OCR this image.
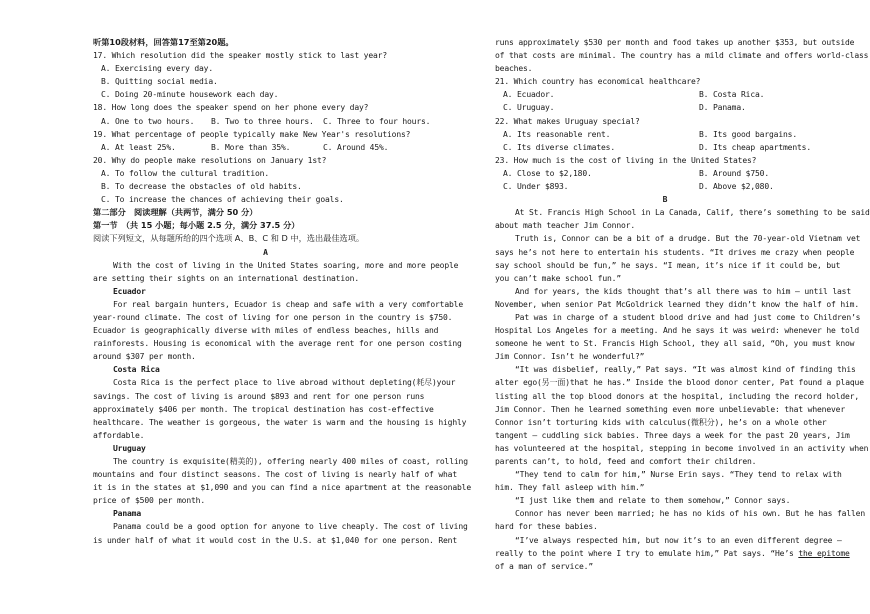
听第10段材料，回答第17至第20题。
17. Which resolution did the speaker mostly stick to last year?
A. Exercising every day.
B. Quitting social media.
C. Doing 20-minute housework each day.
18. How long does the speaker spend on her phone every day?
A. One to two hours.	B. Two to three hours.	C. Three to four hours.
19. What percentage of people typically make New Year's resolutions?
A. At least 25%.	B. More than 35%.	C. Around 45%.
20. Why do people make resolutions on January 1st?
A. To follow the cultural tradition.
B. To decrease the obstacles of old habits.
C. To increase the chances of achieving their goals.
第二部分　阅读理解（共两节，满分 50 分）
第一节　（共 15 小题；每小题 2.5 分，满分 37.5 分）
阅读下列短文，从每题所给的四个选项 A、B、C 和 D 中，选出最佳选项。
A
With the cost of living in the United States soaring, more and more people
are setting their sights on an international destination.
Ecuador
For real bargain hunters, Ecuador is cheap and safe with a very comfortable
year-round climate. The cost of living for one person in the country is $750.
Ecuador is geographically diverse with miles of endless beaches, hills and
rainforests. Housing is economical with the average rent for one person costing
around $307 per month.
Costa Rica
Costa Rica is the perfect place to live abroad without depleting(耗尽)your
savings. The cost of living is around $893 and rent for one person runs
approximately $406 per month. The tropical destination has cost-effective
healthcare. The weather is gorgeous, the water is warm and the housing is highly
affordable.
Uruguay
The country is exquisite(精美的), offering nearly 400 miles of coast, rolling
mountains and four distinct seasons. The cost of living is nearly half of what
it is in the states at $1,090 and you can find a nice apartment at the reasonable
price of $500 per month.
Panama
Panama could be a good option for anyone to live cheaply. The cost of living
is under half of what it would cost in the U.S. at $1,040 for one person. Rent
runs approximately $530 per month and food takes up another $353, but outside
of that costs are minimal. The country has a mild climate and offers world-class
beaches.
21. Which country has economical healthcare?
A. Ecuador.	B. Costa Rica.
C. Uruguay.	D. Panama.
22. What makes Uruguay special?
A. Its reasonable rent.	B. Its good bargains.
C. Its diverse climates.	D. Its cheap apartments.
23. How much is the cost of living in the United States?
A. Close to $2,180.	B. Around $750.
C. Under $893.	D. Above $2,080.
B
At St. Francis High School in La Canada, Calif, there’s something to be said
about math teacher Jim Connor.
Truth is, Connor can be a bit of a drudge. But the 70-year-old Vietnam vet
says he’s not here to entertain his students. “It drives me crazy when people
say school should be fun,” he says. “I mean, it’s nice if it could be, but
you can’t make school fun.”
And for years, the kids thought that’s all there was to him — until last
November, when senior Pat McGoldrick learned they didn’t know the half of him.
Pat was in charge of a student blood drive and had just come to Children’s
Hospital Los Angeles for a meeting. And he says it was weird: whenever he told
someone he went to St. Francis High School, they all said, “Oh, you must know
Jim Connor. Isn’t he wonderful?”
“It was disbelief, really,” Pat says. “It was almost kind of finding this
alter ego(另一面)that he has.” Inside the blood donor center, Pat found a plaque
listing all the top blood donors at the hospital, including the record holder,
Jim Connor. Then he learned something even more unbelievable: that whenever
Connor isn’t torturing kids with calculus(微积分), he’s on a whole other
tangent — cuddling sick babies. Three days a week for the past 20 years, Jim
has volunteered at the hospital, stepping in become involved in an activity when
parents can’t, to hold, feed and comfort their children.
“They tend to calm for him,” Nurse Erin says. “They tend to relax with
him. They fall asleep with him.”
“I just like them and relate to them somehow,” Connor says.
Connor has never been married; he has no kids of his own. But he has fallen
hard for these babies.
“I’ve always respected him, but now it’s to an even different degree —
really to the point where I try to emulate him,” Pat says. “He’s the epitome
of a man of service.”
